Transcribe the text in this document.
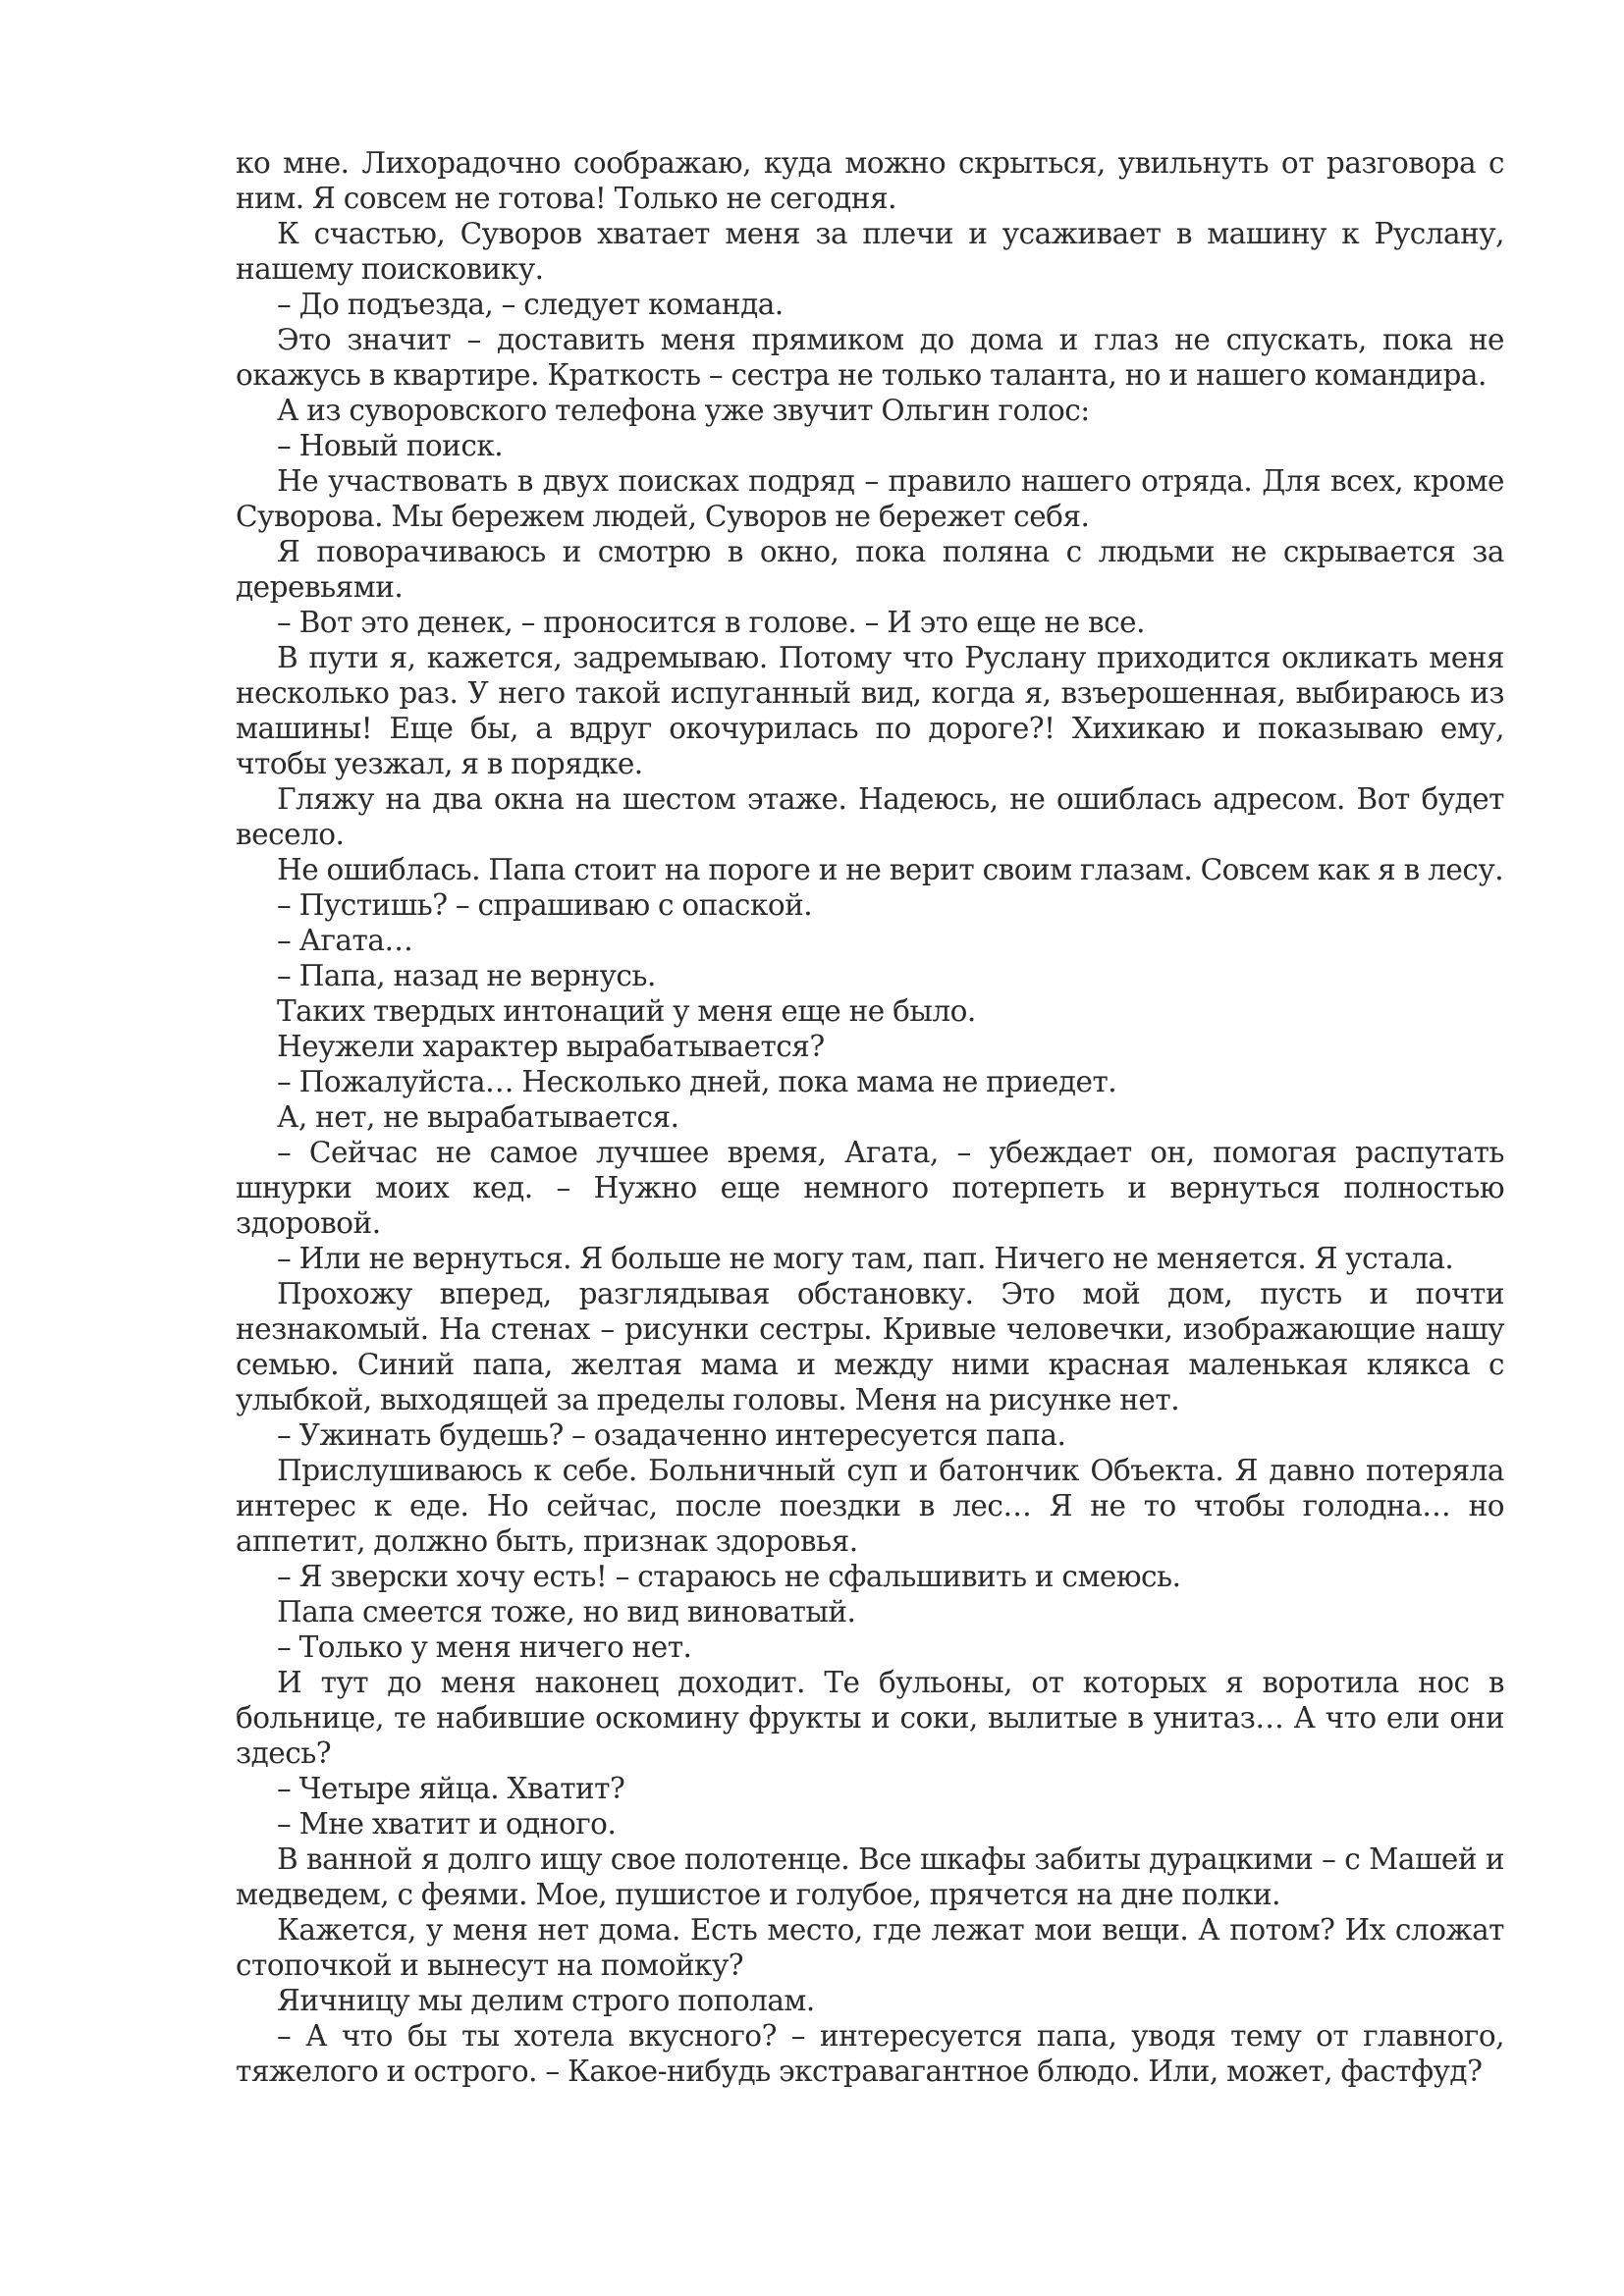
ко мне. Лихорадочно соображаю, куда можно скрыться, увильнуть от разговора с ним. Я совсем не готова! Только не сегодня.

К счастью, Суворов хватает меня за плечи и усаживает в машину к Руслану, нашему поисковику.

– До подъезда, – следует команда.

Это значит – доставить меня прямиком до дома и глаз не спускать, пока не окажусь в квартире. Краткость – сестра не только таланта, но и нашего командира.

А из суворовского телефона уже звучит Ольгин голос:

– Новый поиск.

Не участвовать в двух поисках подряд – правило нашего отряда. Для всех, кроме Суворова. Мы бережем людей, Суворов не бережет себя.

Я поворачиваюсь и смотрю в окно, пока поляна с людьми не скрывается за деревьями.

– Вот это денек, – проносится в голове. – И это еще не все.

В пути я, кажется, задремываю. Потому что Руслану приходится окликать меня несколько раз. У него такой испуганный вид, когда я, взъерошенная, выбираюсь из машины! Еще бы, а вдруг окочурилась по дороге?! Хихикаю и показываю ему, чтобы уезжал, я в порядке.

Гляжу на два окна на шестом этаже. Надеюсь, не ошиблась адресом. Вот будет весело.

Не ошиблась. Папа стоит на пороге и не верит своим глазам. Совсем как я в лесу.

– Пустишь? – спрашиваю с опаской.

– Агата…

– Папа, назад не вернусь.

Таких твердых интонаций у меня еще не было.

Неужели характер вырабатывается?

– Пожалуйста… Несколько дней, пока мама не приедет.

А, нет, не вырабатывается.

– Сейчас не самое лучшее время, Агата, – убеждает он, помогая распутать шнурки моих кед. – Нужно еще немного потерпеть и вернуться полностью здоровой.

– Или не вернуться. Я больше не могу там, пап. Ничего не меняется. Я устала.

Прохожу вперед, разглядывая обстановку. Это мой дом, пусть и почти незнакомый. На стенах – рисунки сестры. Кривые человечки, изображающие нашу семью. Синий папа, желтая мама и между ними красная маленькая клякса с улыбкой, выходящей за пределы головы. Меня на рисунке нет.

– Ужинать будешь? – озадаченно интересуется папа.

Прислушиваюсь к себе. Больничный суп и батончик Объекта. Я давно потеряла интерес к еде. Но сейчас, после поездки в лес… Я не то чтобы голодна… но аппетит, должно быть, признак здоровья.

– Я зверски хочу есть! – стараюсь не сфальшивить и смеюсь.

Папа смеется тоже, но вид виноватый.

– Только у меня ничего нет.

И тут до меня наконец доходит. Те бульоны, от которых я воротила нос в больнице, те набившие оскомину фрукты и соки, вылитые в унитаз… А что ели они здесь?

– Четыре яйца. Хватит?

– Мне хватит и одного.

В ванной я долго ищу свое полотенце. Все шкафы забиты дурацкими – с Машей и медведем, с феями. Мое, пушистое и голубое, прячется на дне полки.

Кажется, у меня нет дома. Есть место, где лежат мои вещи. А потом? Их сложат стопочкой и вынесут на помойку?

Яичницу мы делим строго пополам.

– А что бы ты хотела вкусного? – интересуется папа, уводя тему от главного, тяжелого и острого. – Какое-нибудь экстравагантное блюдо. Или, может, фастфуд?
